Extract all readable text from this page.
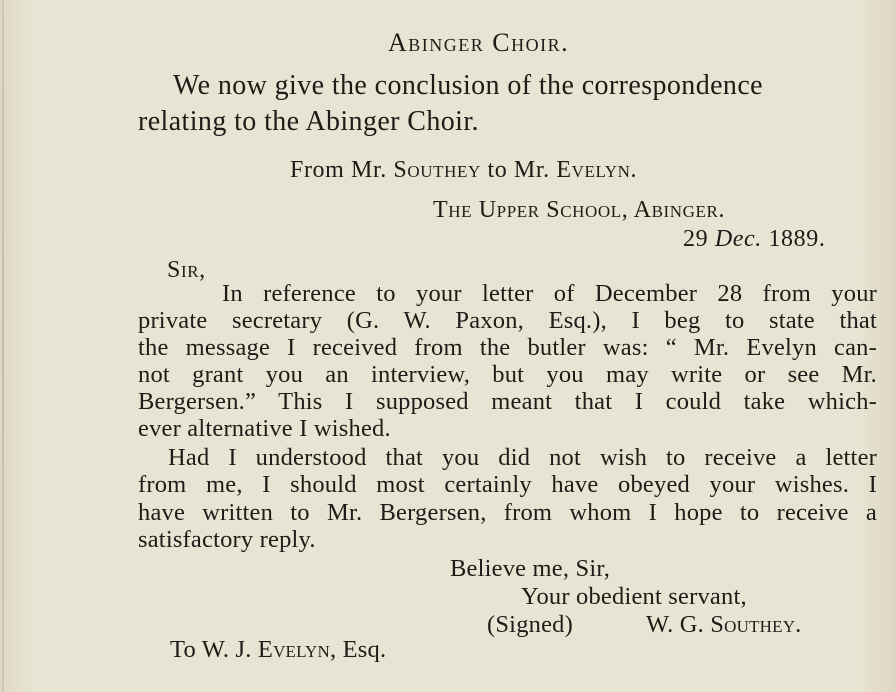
Abinger Choir.
We now give the conclusion of the correspondence
relating to the Abinger Choir.
From Mr. Southey to Mr. Evelyn.
The Upper School, Abinger.
29 Dec. 1889.
Sir,
In reference to your letter of December 28 from your
private secretary (G. W. Paxon, Esq.), I beg to state that
the message I received from the butler was: “ Mr. Evelyn can-
not grant you an interview, but you may write or see Mr.
Bergersen.” This I supposed meant that I could take which-
ever alternative I wished.
Had I understood that you did not wish to receive a letter
from me, I should most certainly have obeyed your wishes. I
have written to Mr. Bergersen, from whom I hope to receive a
satisfactory reply.
Believe me, Sir,
Your obedient servant,
(Signed)	W. G. Southey.
To W. J. Evelyn, Esq.
